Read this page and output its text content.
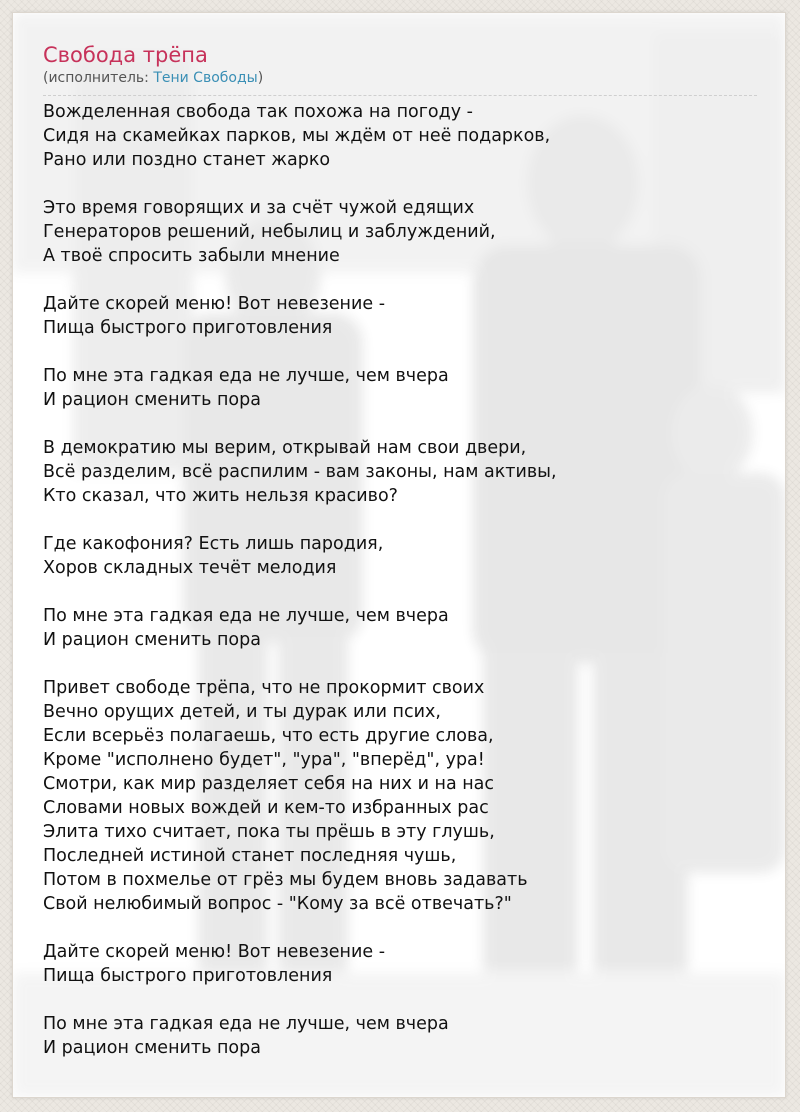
Свобода трёпа
(исполнитель: Тени Свободы)
Вожделенная свобода так похожа на погоду -
Сидя на скамейках парков, мы ждём от неё подарков,
Рано или поздно станет жарко
Это время говорящих и за счёт чужой едящих
Генераторов решений, небылиц и заблуждений,
А твоё спросить забыли мнение
Дайте скорей меню! Вот невезение -
Пища быстрого приготовления
По мне эта гадкая еда не лучше, чем вчера
И рацион сменить пора
В демократию мы верим, открывай нам свои двери,
Всё разделим, всё распилим - вам законы, нам активы,
Кто сказал, что жить нельзя красиво?
Где какофония? Есть лишь пародия,
Хоров складных течёт мелодия
По мне эта гадкая еда не лучше, чем вчера
И рацион сменить пора
Привет свободе трёпа, что не прокормит своих
Вечно орущих детей, и ты дурак или псих,
Если всерьёз полагаешь, что есть другие слова,
Кроме "исполнено будет", "ура", "вперёд", ура!
Смотри, как мир разделяет себя на них и на нас
Словами новых вождей и кем-то избранных рас
Элита тихо считает, пока ты прёшь в эту глушь,
Последней истиной станет последняя чушь,
Потом в похмелье от грёз мы будем вновь задавать
Свой нелюбимый вопрос - "Кому за всё отвечать?"
Дайте скорей меню! Вот невезение -
Пища быстрого приготовления
По мне эта гадкая еда не лучше, чем вчера
И рацион сменить пора
